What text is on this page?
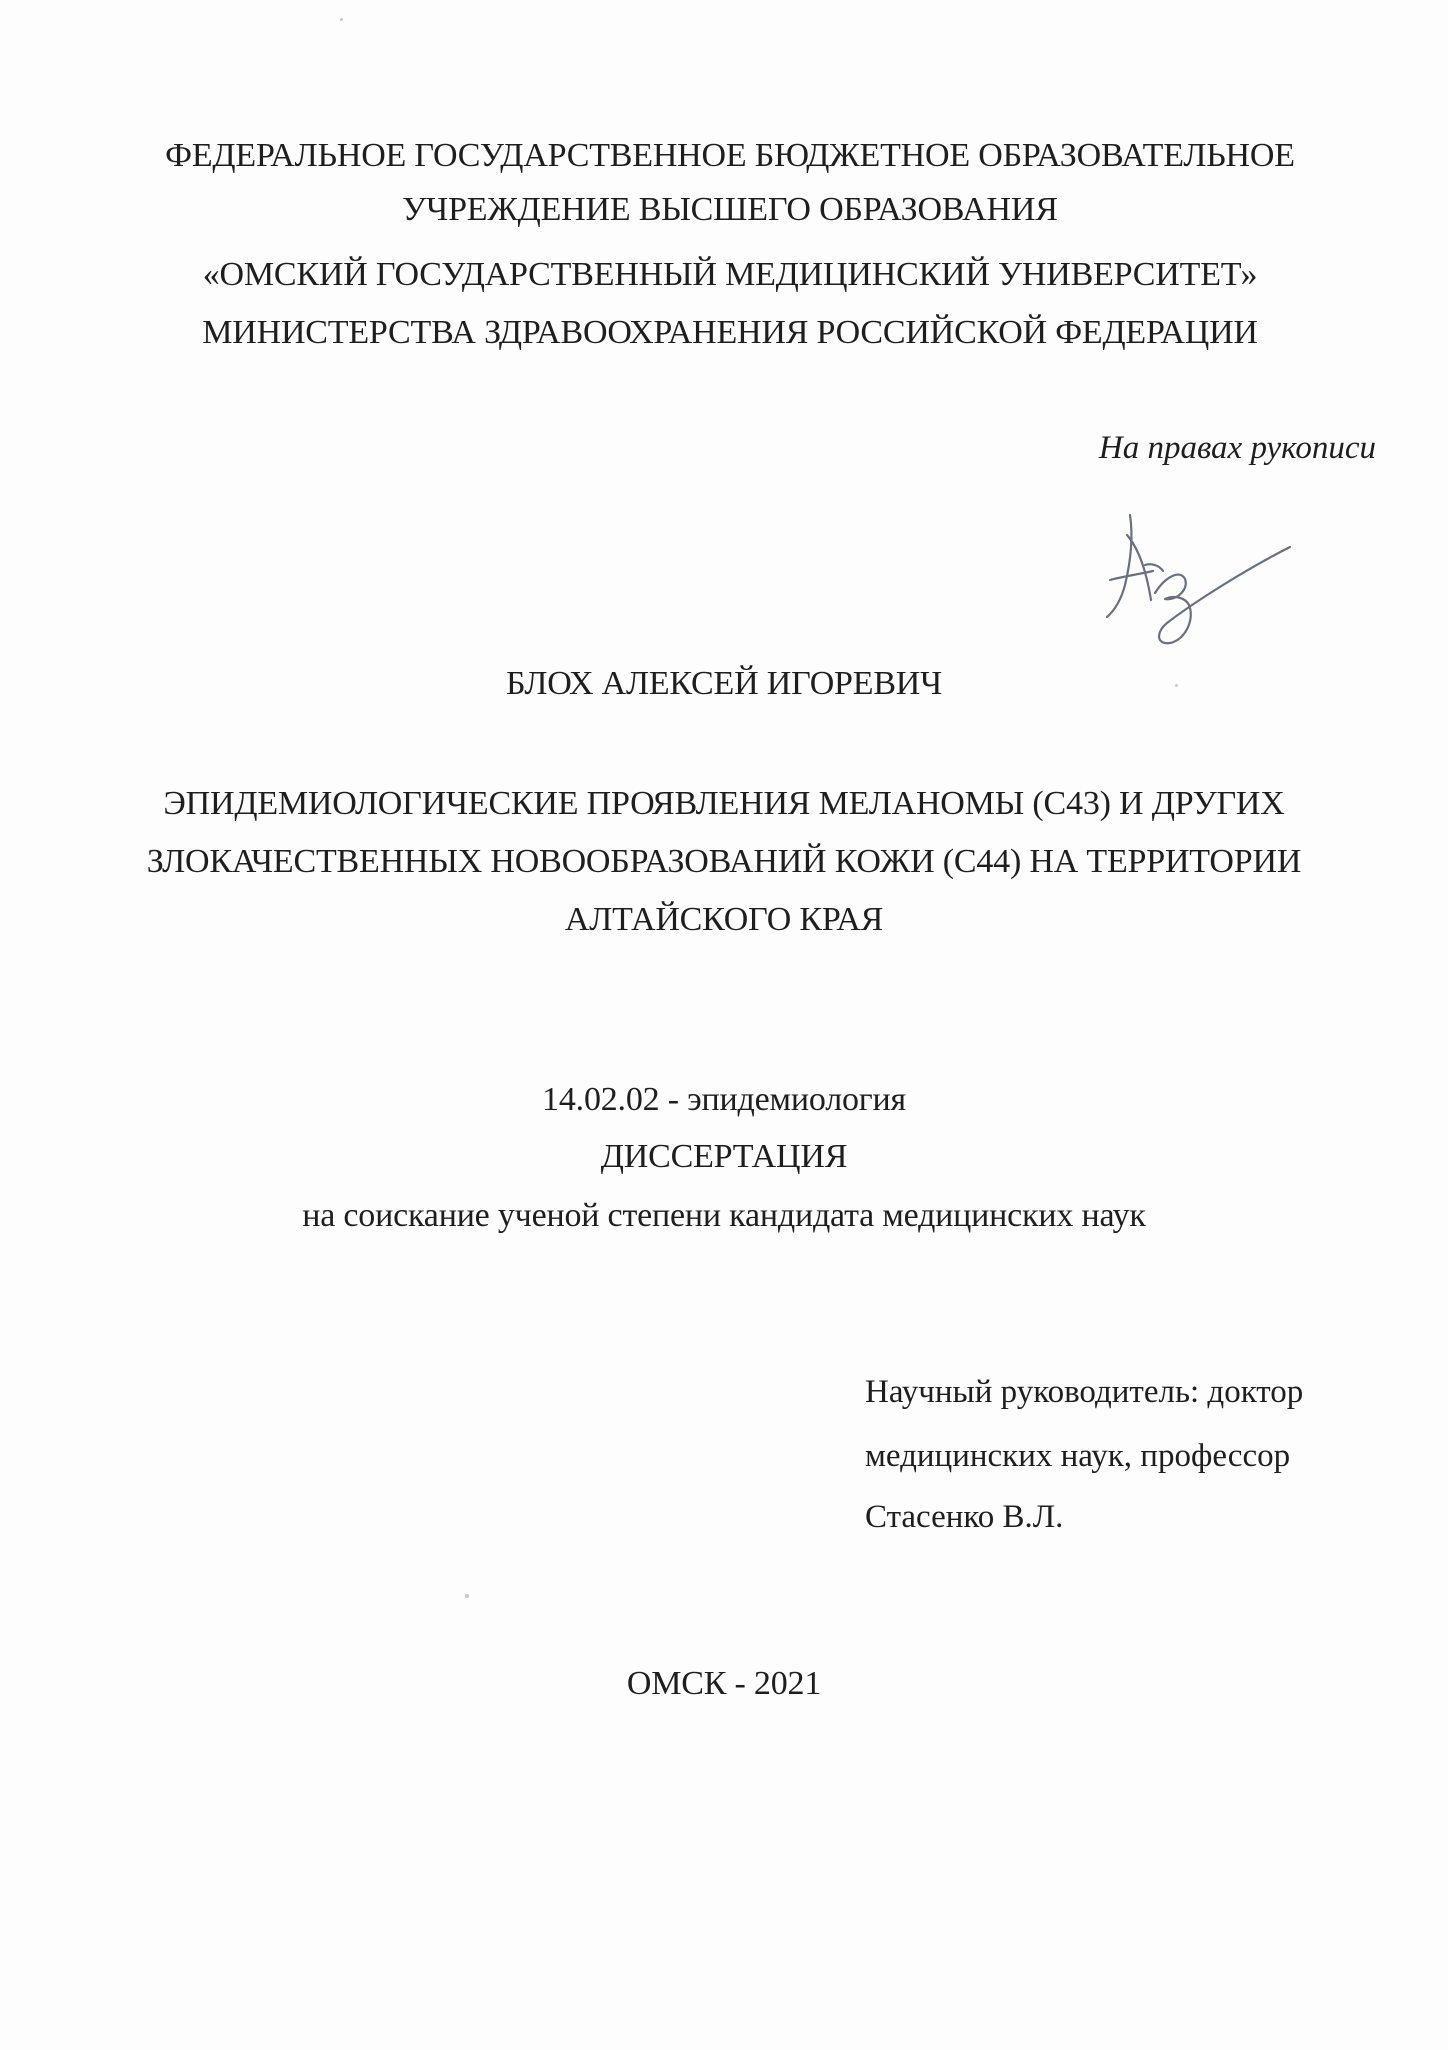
ФЕДЕРАЛЬНОЕ ГОСУДАРСТВЕННОЕ БЮДЖЕТНОЕ ОБРАЗОВАТЕЛЬНОЕ
УЧРЕЖДЕНИЕ ВЫСШЕГО ОБРАЗОВАНИЯ
«ОМСКИЙ ГОСУДАРСТВЕННЫЙ МЕДИЦИНСКИЙ УНИВЕРСИТЕТ»
МИНИСТЕРСТВА ЗДРАВООХРАНЕНИЯ РОССИЙСКОЙ ФЕДЕРАЦИИ
На правах рукописи
БЛОХ АЛЕКСЕЙ ИГОРЕВИЧ
ЭПИДЕМИОЛОГИЧЕСКИЕ ПРОЯВЛЕНИЯ МЕЛАНОМЫ (С43) И ДРУГИХ
ЗЛОКАЧЕСТВЕННЫХ НОВООБРАЗОВАНИЙ КОЖИ (С44) НА ТЕРРИТОРИИ
АЛТАЙСКОГО КРАЯ
14.02.02 - эпидемиология
ДИССЕРТАЦИЯ
на соискание ученой степени кандидата медицинских наук
Научный руководитель: доктор
медицинских наук, профессор
Стасенко В.Л.
ОМСК - 2021
